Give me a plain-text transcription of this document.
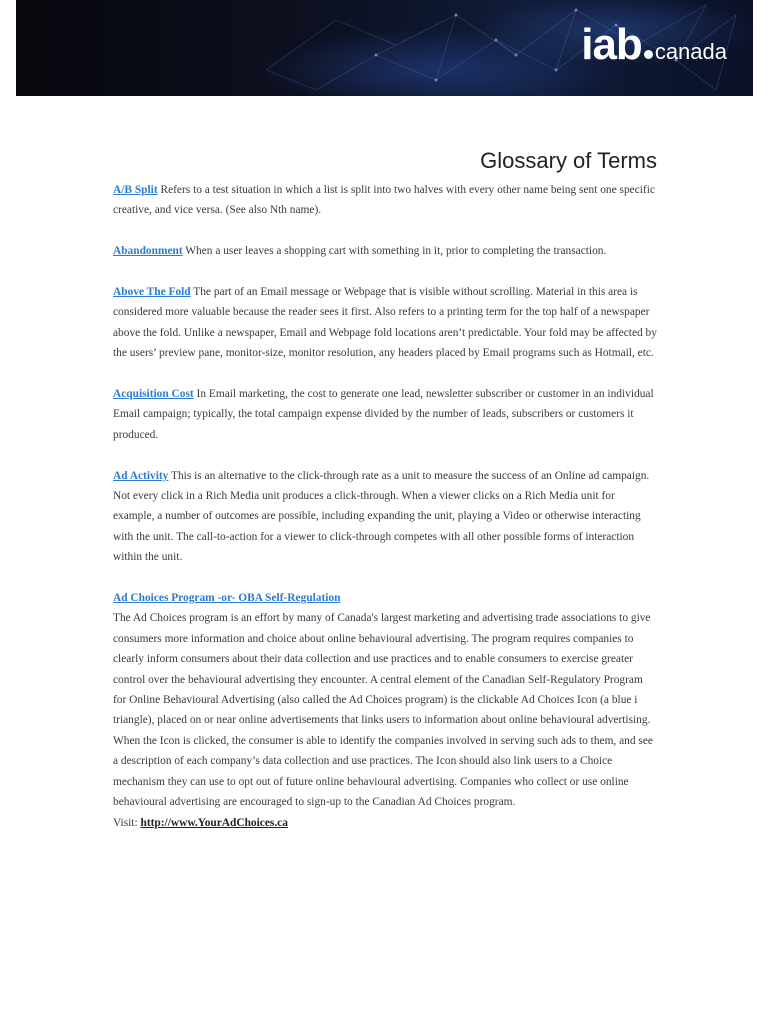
iab canada
Glossary of Terms

A/B Split Refers to a test situation in which a list is split into two halves with every other name being sent one specific creative, and vice versa. (See also Nth name).

Abandonment When a user leaves a shopping cart with something in it, prior to completing the transaction.

Above The Fold The part of an Email message or Webpage that is visible without scrolling. Material in this area is considered more valuable because the reader sees it first. Also refers to a printing term for the top half of a newspaper above the fold. Unlike a newspaper, Email and Webpage fold locations aren’t predictable. Your fold may be affected by the users’ preview pane, monitor-size, monitor resolution, any headers placed by Email programs such as Hotmail, etc.

Acquisition Cost In Email marketing, the cost to generate one lead, newsletter subscriber or customer in an individual Email campaign; typically, the total campaign expense divided by the number of leads, subscribers or customers it produced.

Ad Activity This is an alternative to the click-through rate as a unit to measure the success of an Online ad campaign. Not every click in a Rich Media unit produces a click-through. When a viewer clicks on a Rich Media unit for example, a number of outcomes are possible, including expanding the unit, playing a Video or otherwise interacting with the unit. The call-to-action for a viewer to click-through competes with all other possible forms of interaction within the unit.

Ad Choices Program -or- OBA Self-Regulation
The Ad Choices program is an effort by many of Canada's largest marketing and advertising trade associations to give consumers more information and choice about online behavioural advertising. The program requires companies to clearly inform consumers about their data collection and use practices and to enable consumers to exercise greater control over the behavioural advertising they encounter. A central element of the Canadian Self-Regulatory Program for Online Behavioural Advertising (also called the Ad Choices program) is the clickable Ad Choices Icon (a blue i triangle), placed on or near online advertisements that links users to information about online behavioural advertising. When the Icon is clicked, the consumer is able to identify the companies involved in serving such ads to them, and see a description of each company’s data collection and use practices. The Icon should also link users to a Choice mechanism they can use to opt out of future online behavioural advertising. Companies who collect or use online behavioural advertising are encouraged to sign-up to the Canadian Ad Choices program.
Visit: http://www.YourAdChoices.ca
